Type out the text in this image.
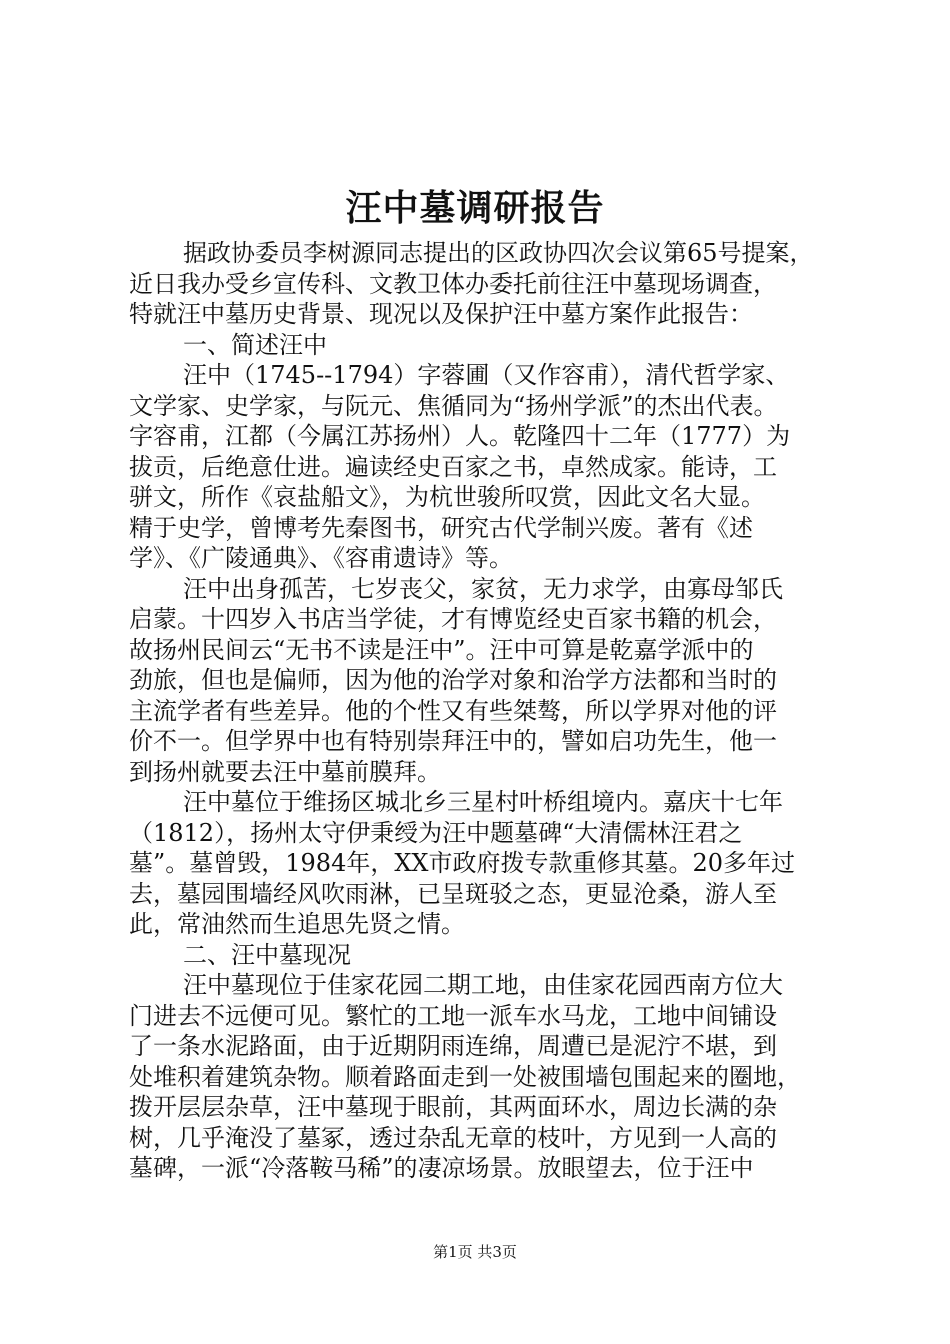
汪中墓调研报告
据政协委员李树源同志提出的区政协四次会议第65号提案，
近日我办受乡宣传科、文教卫体办委托前往汪中墓现场调查，
特就汪中墓历史背景、现况以及保护汪中墓方案作此报告：
一、简述汪中
汪中（1745--1794）字蓉圃（又作容甫），清代哲学家、
文学家、史学家，与阮元、焦循同为“扬州学派”的杰出代表。
字容甫，江都（今属江苏扬州）人。乾隆四十二年（1777）为
拔贡，后绝意仕进。遍读经史百家之书，卓然成家。能诗，工
骈文，所作《哀盐船文》，为杭世骏所叹赏，因此文名大显。
精于史学，曾博考先秦图书，研究古代学制兴废。著有《述
学》、《广陵通典》、《容甫遗诗》等。
汪中出身孤苦，七岁丧父，家贫，无力求学，由寡母邹氏
启蒙。十四岁入书店当学徒，才有博览经史百家书籍的机会，
故扬州民间云“无书不读是汪中”。汪中可算是乾嘉学派中的
劲旅，但也是偏师，因为他的治学对象和治学方法都和当时的
主流学者有些差异。他的个性又有些桀骜，所以学界对他的评
价不一。但学界中也有特别崇拜汪中的，譬如启功先生，他一
到扬州就要去汪中墓前膜拜。
汪中墓位于维扬区城北乡三星村叶桥组境内。嘉庆十七年
（1812），扬州太守伊秉绶为汪中题墓碑“大清儒林汪君之
墓”。墓曾毁，1984年，XX市政府拨专款重修其墓。20多年过
去，墓园围墙经风吹雨淋，已呈斑驳之态，更显沧桑，游人至
此，常油然而生追思先贤之情。
二、汪中墓现况
汪中墓现位于佳家花园二期工地，由佳家花园西南方位大
门进去不远便可见。繁忙的工地一派车水马龙，工地中间铺设
了一条水泥路面，由于近期阴雨连绵，周遭已是泥泞不堪，到
处堆积着建筑杂物。顺着路面走到一处被围墙包围起来的圈地，
拨开层层杂草，汪中墓现于眼前，其两面环水，周边长满的杂
树，几乎淹没了墓冢，透过杂乱无章的枝叶，方见到一人高的
墓碑，一派“冷落鞍马稀”的凄凉场景。放眼望去，位于汪中
第1页 共3页
